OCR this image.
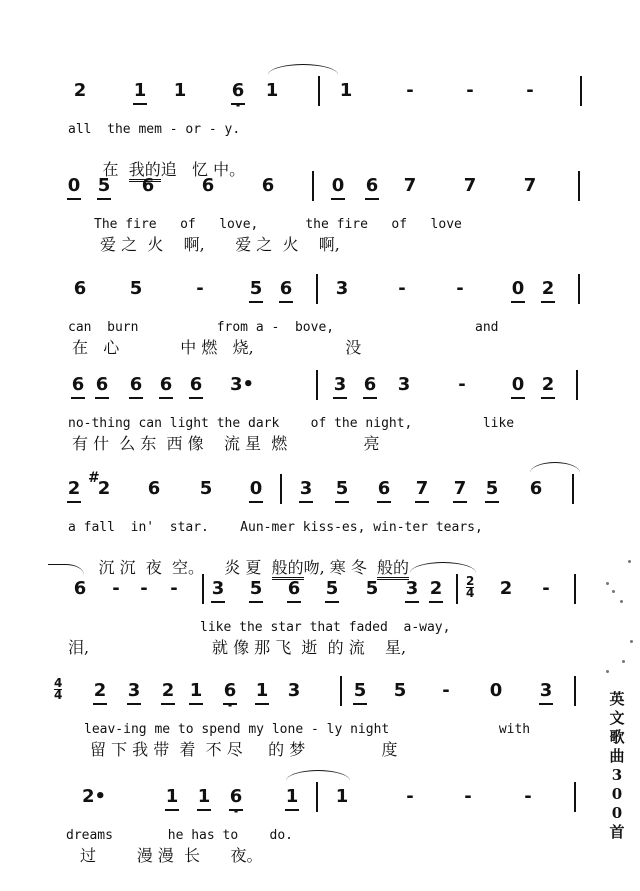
2	1 1	6 · 1	1	-	-	-
all  the mem - or - y.

在  我的追   忆 中。

0 5 6	6	6	0 6 7	7	7
The fire   of   love,      the fire   of   love
爱 之  火    啊,      爱 之  火    啊,
6 5	-	5 6 3	-	-	0 2
can  burn          from a -  bove,                  and
在   心            中 燃   烧,                  没
6 6 6 6 6 3•	3 6 3	-	0 2
no-thing can light the dark    of the night,         like
有 什  么 东  西 像    流 星  燃               亮
2 #
2 6 5 0 3 5 6 7 7 5 6
a fall  in'  star.    Aun-mer kiss-es, win-ter tears,

沉 沉  夜  空。    炎 夏  般的吻, 寒 冬  般的

6 - - - 3 5 6 5 5 3 2 2
4 2 -
like the star that faded  a-way,
泪,	就 像 那 飞  逝  的 流    星,
4
4 2 3 2 1 6 · 1 3	5 5 - 0 3
leav-ing me to spend my lone - ly night              with
留 下 我 带  着  不 尽     的 梦               度
2•	1 1 6 · 1 1	-	-	-
dreams       he has to    do.
过        漫 漫  长      夜。
英
文
歌
曲
3
0
0
首
